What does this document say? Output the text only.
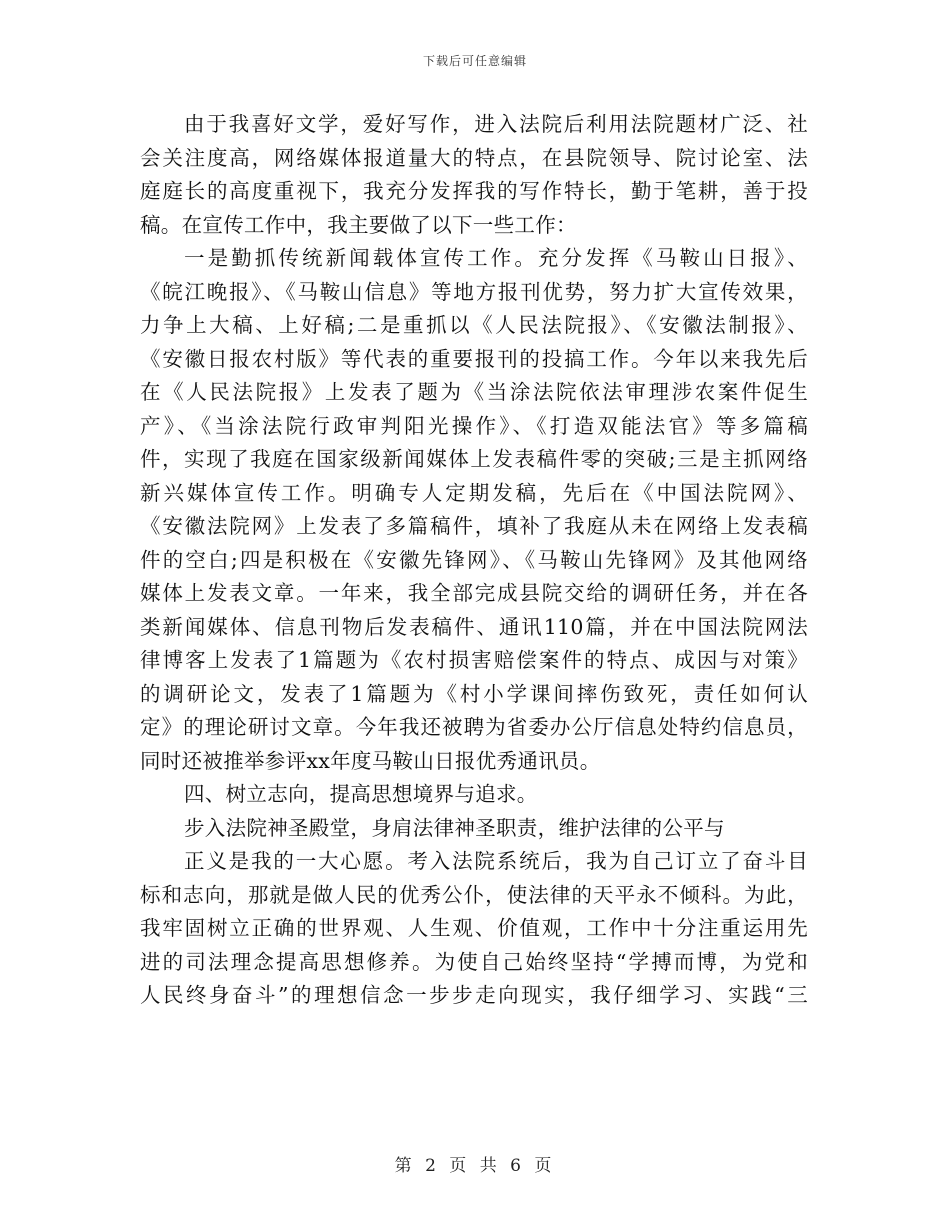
下载后可任意编辑
由于我喜好文学，爱好写作，进入法院后利用法院题材广泛、社
会关注度高，网络媒体报道量大的特点，在县院领导、院讨论室、法
庭庭长的高度重视下，我充分发挥我的写作特长，勤于笔耕，善于投
稿。在宣传工作中，我主要做了以下一些工作：
一是勤抓传统新闻载体宣传工作。充分发挥《马鞍山日报》、
《皖江晚报》、《马鞍山信息》等地方报刊优势，努力扩大宣传效果，
力争上大稿、上好稿;二是重抓以《人民法院报》、《安徽法制报》、
《安徽日报农村版》等代表的重要报刊的投搞工作。今年以来我先后
在《人民法院报》上发表了题为《当涂法院依法审理涉农案件促生
产》、《当涂法院行政审判阳光操作》、《打造双能法官》等多篇稿
件，实现了我庭在国家级新闻媒体上发表稿件零的突破;三是主抓网络
新兴媒体宣传工作。明确专人定期发稿，先后在《中国法院网》、
《安徽法院网》上发表了多篇稿件，填补了我庭从未在网络上发表稿
件的空白;四是积极在《安徽先锋网》、《马鞍山先锋网》及其他网络
媒体上发表文章。一年来，我全部完成县院交给的调研任务，并在各
类新闻媒体、信息刊物后发表稿件、通讯110篇，并在中国法院网法
律博客上发表了1篇题为《农村损害赔偿案件的特点、成因与对策》
的调研论文，发表了1篇题为《村小学课间摔伤致死，责任如何认
定》的理论研讨文章。今年我还被聘为省委办公厅信息处特约信息员，
同时还被推举参评xx年度马鞍山日报优秀通讯员。
四、树立志向，提高思想境界与追求。
步入法院神圣殿堂，身肩法律神圣职责，维护法律的公平与
正义是我的一大心愿。考入法院系统后，我为自己订立了奋斗目
标和志向，那就是做人民的优秀公仆，使法律的天平永不倾科。为此，
我牢固树立正确的世界观、人生观、价值观，工作中十分注重运用先
进的司法理念提高思想修养。为使自己始终坚持“学搏而博，为党和
人民终身奋斗”的理想信念一步步走向现实，我仔细学习、实践“三
第 2 页 共 6 页
